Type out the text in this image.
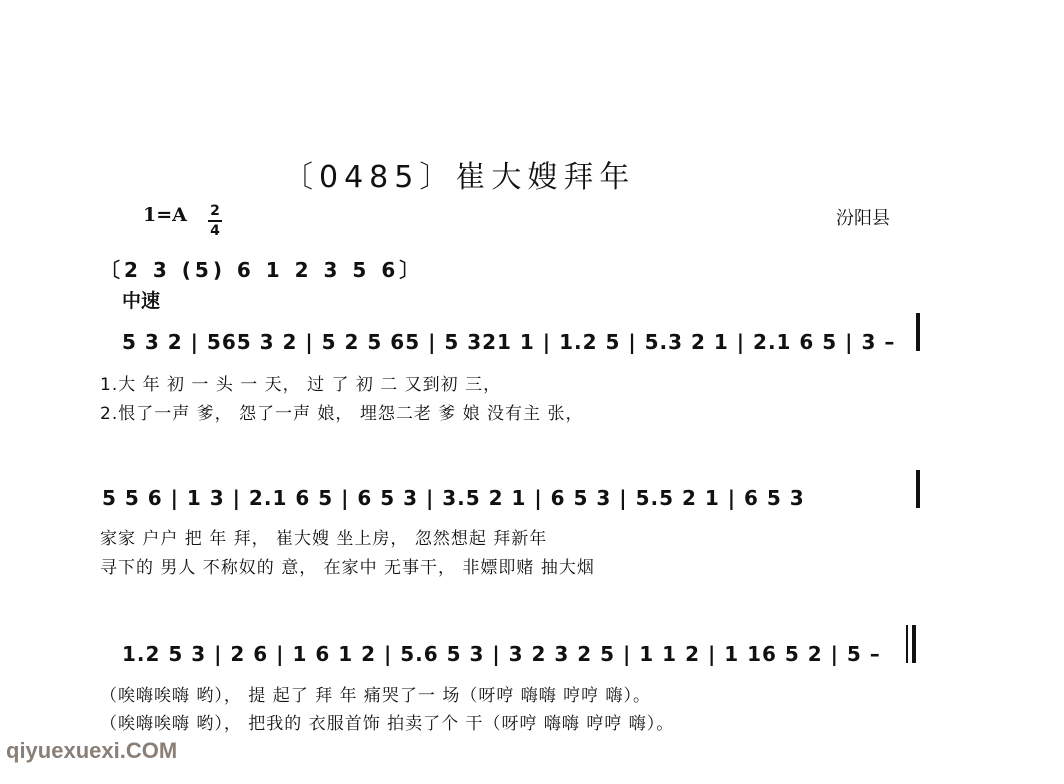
〔0485〕崔大嫂拜年
1=A 2
4
汾阳县
〔2 3 (5) 6 1 2 3 5 6〕
中速
5 3 2 | 565 3 2 | 5 2 5 65 | 5 321 1 | 1.2 5 | 5.3 2 1 | 2.1 6 5 | 3 –
1.大 年 初 一 头 一 天， 过 了 初 二 又到初 三，
2.恨了一声 爹， 怨了一声 娘， 埋怨二老 爹 娘 没有主 张，
5 5 6 | 1 3 | 2.1 6 5 | 6 5 3 | 3.5 2 1 | 6 5 3 | 5.5 2 1 | 6 5 3
家家 户户 把 年 拜， 崔大嫂 坐上房， 忽然想起 拜新年
寻下的 男人 不称奴的 意， 在家中 无事干， 非嫖即赌 抽大烟
1.2 5 3 | 2 6 | 1 6 1 2 | 5.6 5 3 | 3 2 3 2 5 | 1 1 2 | 1 16 5 2 | 5 –
（唉嗨唉嗨 哟）， 提 起了 拜 年 痛哭了一 场（呀哼 嗨嗨 哼哼 嗨）。
（唉嗨唉嗨 哟）， 把我的 衣服首饰 拍卖了个 干（呀哼 嗨嗨 哼哼 嗨）。
qiyuexuexi.COM
